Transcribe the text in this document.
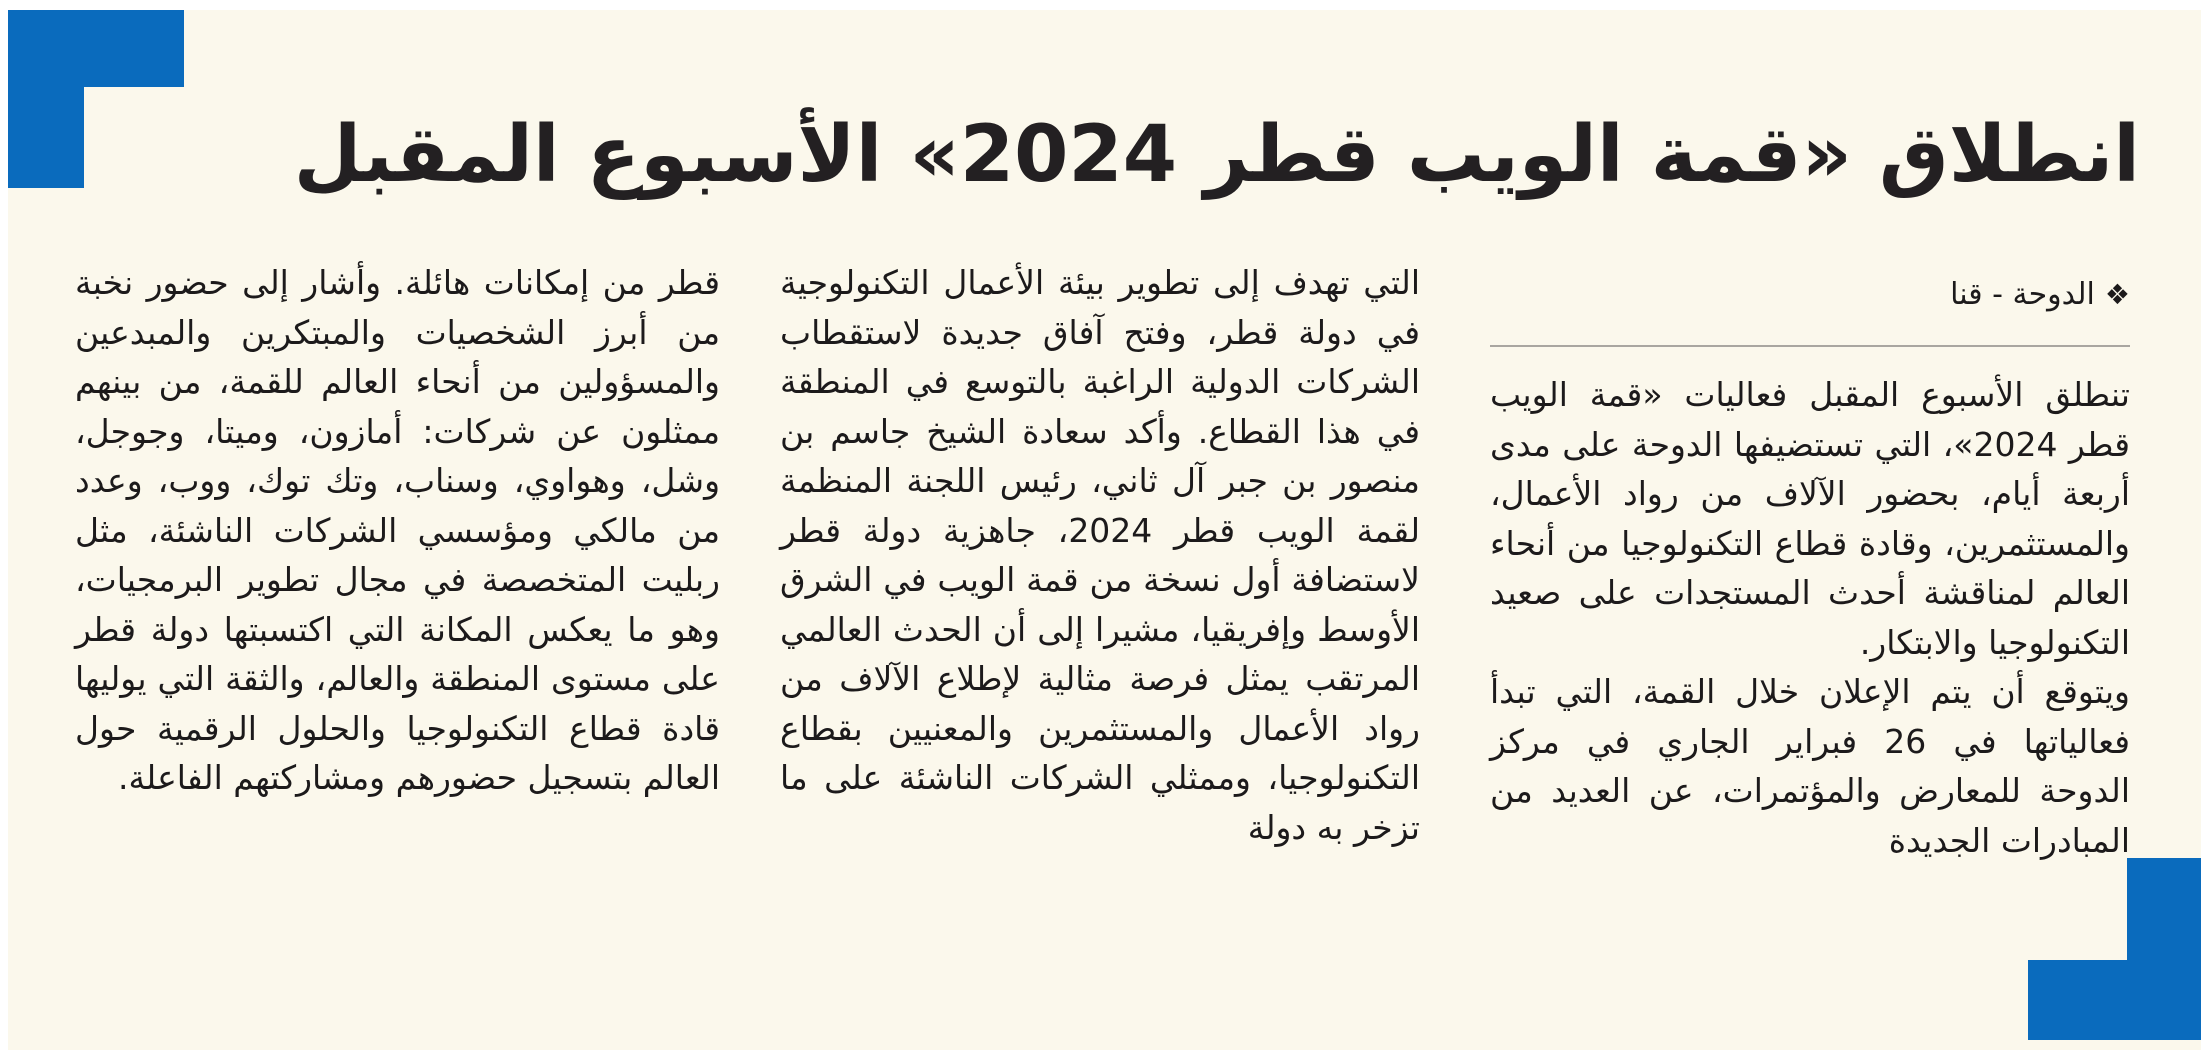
انطلاق «قمة الويب قطر 2024» الأسبوع المقبل
❖الدوحة - قنا

تنطلق الأسبوع المقبل فعاليات «قمة الويب قطر 2024»، التي تستضيفها الدوحة على مدى أربعة أيام، بحضور الآلاف من رواد الأعمال، والمستثمرين، وقادة قطاع التكنولوجيا من أنحاء العالم لمناقشة أحدث المستجدات على صعيد التكنولوجيا والابتكار.

ويتوقع أن يتم الإعلان خلال القمة، التي تبدأ فعالياتها في 26 فبراير الجاري في مركز الدوحة للمعارض والمؤتمرات، عن العديد من المبادرات الجديدة

التي تهدف إلى تطوير بيئة الأعمال التكنولوجية في دولة قطر، وفتح آفاق جديدة لاستقطاب الشركات الدولية الراغبة بالتوسع في المنطقة في هذا القطاع. وأكد سعادة الشيخ جاسم بن منصور بن جبر آل ثاني، رئيس اللجنة المنظمة لقمة الويب قطر 2024، جاهزية دولة قطر لاستضافة أول نسخة من قمة الويب في الشرق الأوسط وإفريقيا، مشيرا إلى أن الحدث العالمي المرتقب يمثل فرصة مثالية لإطلاع الآلاف من رواد الأعمال والمستثمرين والمعنيين بقطاع التكنولوجيا، وممثلي الشركات الناشئة على ما تزخر به دولة

قطر من إمكانات هائلة. وأشار إلى حضور نخبة من أبرز الشخصيات والمبتكرين والمبدعين والمسؤولين من أنحاء العالم للقمة، من بينهم ممثلون عن شركات: أمازون، وميتا، وجوجل، وشل، وهواوي، وسناب، وتك توك، ووب، وعدد من مالكي ومؤسسي الشركات الناشئة، مثل ربليت المتخصصة في مجال تطوير البرمجيات، وهو ما يعكس المكانة التي اكتسبتها دولة قطر على مستوى المنطقة والعالم، والثقة التي يوليها قادة قطاع التكنولوجيا والحلول الرقمية حول العالم بتسجيل حضورهم ومشاركتهم الفاعلة.
